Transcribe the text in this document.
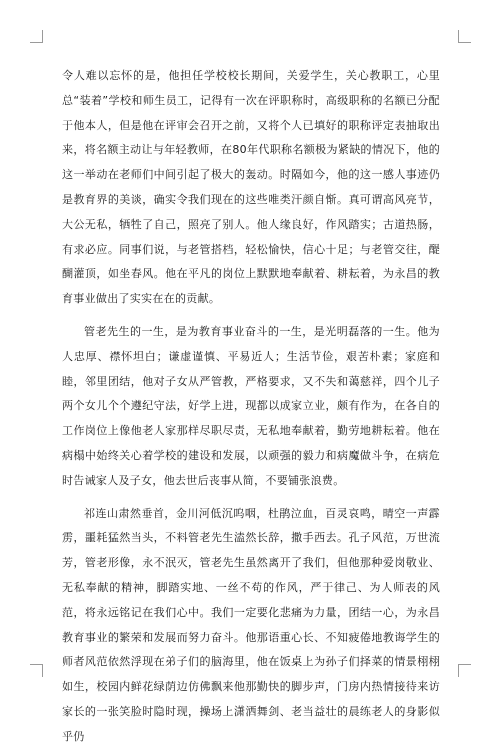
令人难以忘怀的是，他担任学校校长期间，关爱学生，关心教职工，心里总“装着”学校和师生员工，记得有一次在评职称时，高级职称的名额已分配于他本人，但是他在评审会召开之前，又将个人已填好的职称评定表抽取出来，将名额主动让与年轻教师，在80年代职称名额极为紧缺的情况下，他的这一举动在老师们中间引起了极大的轰动。时隔如今，他的这一感人事迹仍是教育界的美谈，确实令我们现在的这些唯类汗颜自惭。真可谓高风亮节，大公无私，牺牲了自己，照亮了别人。他人缘良好，作风踏实；古道热肠，有求必应。同事们说，与老管搭档，轻松愉快，信心十足；与老管交往，醍醐灌顶，如坐春风。他在平凡的岗位上默默地奉献着、耕耘着，为永昌的教育事业做出了实实在在的贡献。

管老先生的一生，是为教育事业奋斗的一生，是光明磊落的一生。他为人忠厚、襟怀坦白；谦虚谨慎、平易近人；生活节俭，艰苦朴素；家庭和睦，邻里团结，他对子女从严管教，严格要求，又不失和蔼慈祥，四个儿子两个女儿个个遵纪守法，好学上进，现都以成家立业，颇有作为，在各自的工作岗位上像他老人家那样尽职尽责，无私地奉献着，勤劳地耕耘着。他在病榻中始终关心着学校的建设和发展，以顽强的毅力和病魔做斗争，在病危时告诫家人及子女，他去世后丧事从简，不要铺张浪费。

祁连山肃然垂首，金川河低沉呜咽，杜鹃泣血，百灵哀鸣，晴空一声霹雳，噩耗猛然当头，不料管老先生溘然长辞，撒手西去。孔子风范，万世流芳，管老形像，永不泯灭，管老先生虽然离开了我们，但他那种爱岗敬业、无私奉献的精神，脚踏实地、一丝不苟的作风，严于律己、为人师表的风范，将永远铭记在我们心中。我们一定要化悲痛为力量，团结一心，为永昌教育事业的繁荣和发展而努力奋斗。他那语重心长、不知疲倦地教诲学生的师者风范依然浮现在弟子们的脑海里，他在饭桌上为孙子们择菜的情景栩栩如生，校园内鲜花绿荫边仿佛飘来他那勤快的脚步声，门房内热情接待来访家长的一张笑脸时隐时现，操场上潇洒舞剑、老当益壮的晨练老人的身影似乎仍
